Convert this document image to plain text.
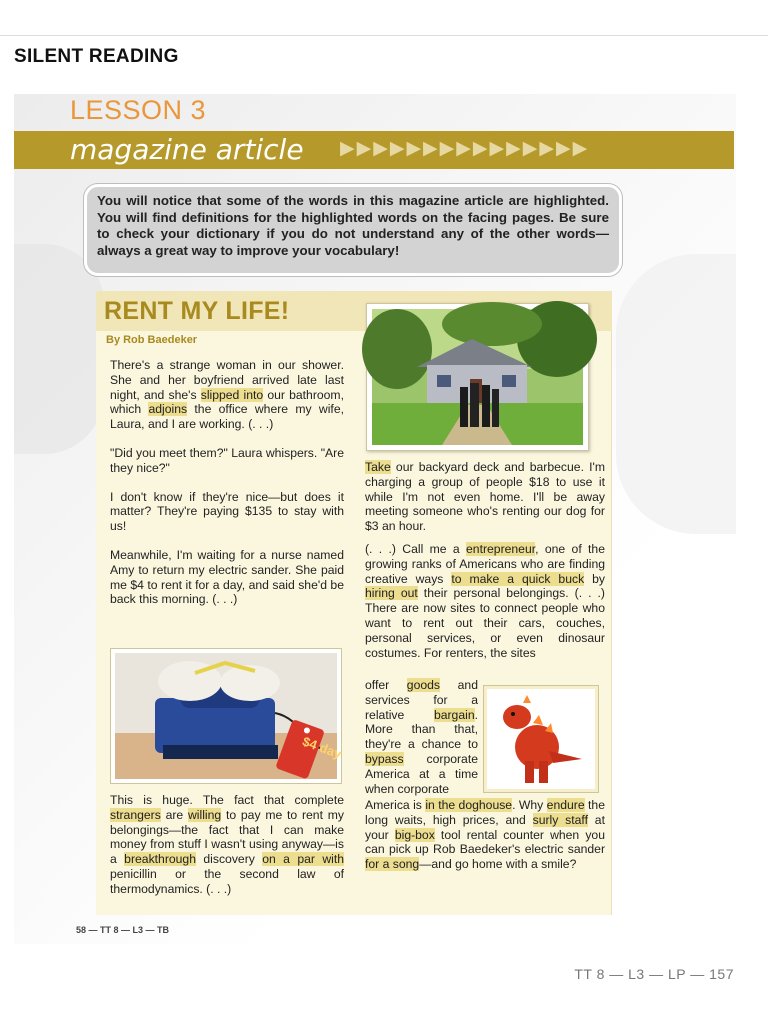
SILENT READING
LESSON 3
magazine article ▶▶▶▶▶▶▶▶▶▶▶▶▶▶▶
You will notice that some of the words in this magazine article are highlighted. You will find definitions for the highlighted words on the facing pages. Be sure to check your dictionary if you do not understand any of the other words—always a great way to improve your vocabulary!
RENT MY LIFE!
By Rob Baedeker

There's a strange woman in our shower. She and her boyfriend arrived late last night, and she's slipped into our bathroom, which adjoins the office where my wife, Laura, and I are working. (. . .)

"Did you meet them?" Laura whispers. "Are they nice?"

I don't know if they're nice—but does it matter? They're paying $135 to stay with us!

Meanwhile, I'm waiting for a nurse named Amy to return my electric sander. She paid me $4 to rent it for a day, and said she'd be back this morning. (. . .)

This is huge. The fact that complete strangers are willing to pay me to rent my belongings—the fact that I can make money from stuff I wasn't using anyway—is a breakthrough discovery on a par with penicillin or the second law of thermodynamics. (. . .)

Take our backyard deck and barbecue. I'm charging a group of people $18 to use it while I'm not even home. I'll be away meeting someone who's renting our dog for $3 an hour.

(. . .) Call me a entrepreneur, one of the growing ranks of Americans who are finding creative ways to make a quick buck by hiring out their personal belongings. (. . .) There are now sites to connect people who want to rent out their cars, couches, personal services, or even dinosaur costumes. For renters, the sites

offer goods and services for a relative bargain. More than that, they're a chance to bypass corporate America at a time when corporate

America is in the doghouse. Why endure the long waits, high prices, and surly staff at your big-box tool rental counter when you can pick up Rob Baedeker's electric sander for a song—and go home with a smile?

$4 day
58 — TT 8 — L3 — TB
TT 8 — L3 — LP — 157
